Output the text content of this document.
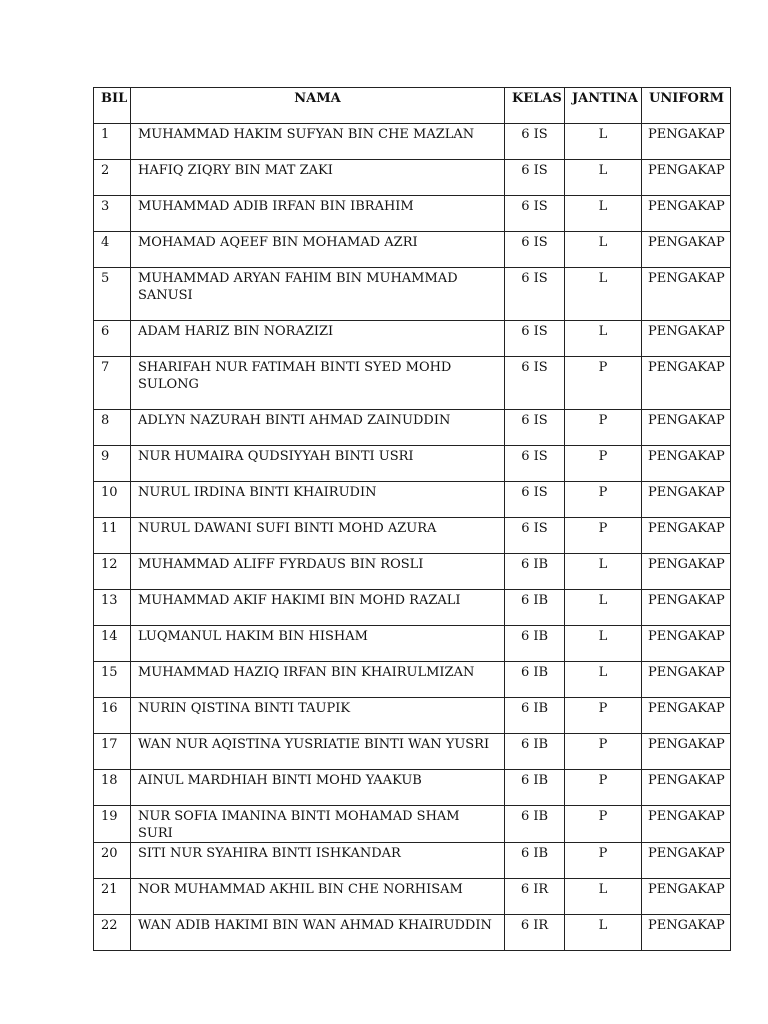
BIL	NAMA	KELAS	JANTINA	UNIFORM
1	MUHAMMAD HAKIM SUFYAN BIN CHE MAZLAN	6 IS	L	PENGAKAP
2	HAFIQ ZIQRY BIN MAT ZAKI	6 IS	L	PENGAKAP
3	MUHAMMAD ADIB IRFAN BIN IBRAHIM	6 IS	L	PENGAKAP
4	MOHAMAD AQEEF BIN MOHAMAD AZRI	6 IS	L	PENGAKAP
5	MUHAMMAD ARYAN FAHIM BIN MUHAMMAD SANUSI	6 IS	L	PENGAKAP
6	ADAM HARIZ BIN NORAZIZI	6 IS	L	PENGAKAP
7	SHARIFAH NUR FATIMAH BINTI SYED MOHD SULONG	6 IS	P	PENGAKAP
8	ADLYN NAZURAH BINTI AHMAD ZAINUDDIN	6 IS	P	PENGAKAP
9	NUR HUMAIRA QUDSIYYAH BINTI USRI	6 IS	P	PENGAKAP
10	NURUL IRDINA BINTI KHAIRUDIN	6 IS	P	PENGAKAP
11	NURUL DAWANI SUFI BINTI MOHD AZURA	6 IS	P	PENGAKAP
12	MUHAMMAD ALIFF FYRDAUS BIN ROSLI	6 IB	L	PENGAKAP
13	MUHAMMAD AKIF HAKIMI BIN MOHD RAZALI	6 IB	L	PENGAKAP
14	LUQMANUL HAKIM BIN HISHAM	6 IB	L	PENGAKAP
15	MUHAMMAD HAZIQ IRFAN BIN KHAIRULMIZAN	6 IB	L	PENGAKAP
16	NURIN QISTINA BINTI TAUPIK	6 IB	P	PENGAKAP
17	WAN NUR AQISTINA YUSRIATIE BINTI WAN YUSRI	6 IB	P	PENGAKAP
18	AINUL MARDHIAH BINTI MOHD YAAKUB	6 IB	P	PENGAKAP
19	NUR SOFIA IMANINA BINTI MOHAMAD SHAM SURI	6 IB	P	PENGAKAP
20	SITI NUR SYAHIRA BINTI ISHKANDAR	6 IB	P	PENGAKAP
21	NOR MUHAMMAD AKHIL BIN CHE NORHISAM	6 IR	L	PENGAKAP
22	WAN ADIB HAKIMI BIN WAN AHMAD KHAIRUDDIN	6 IR	L	PENGAKAP
